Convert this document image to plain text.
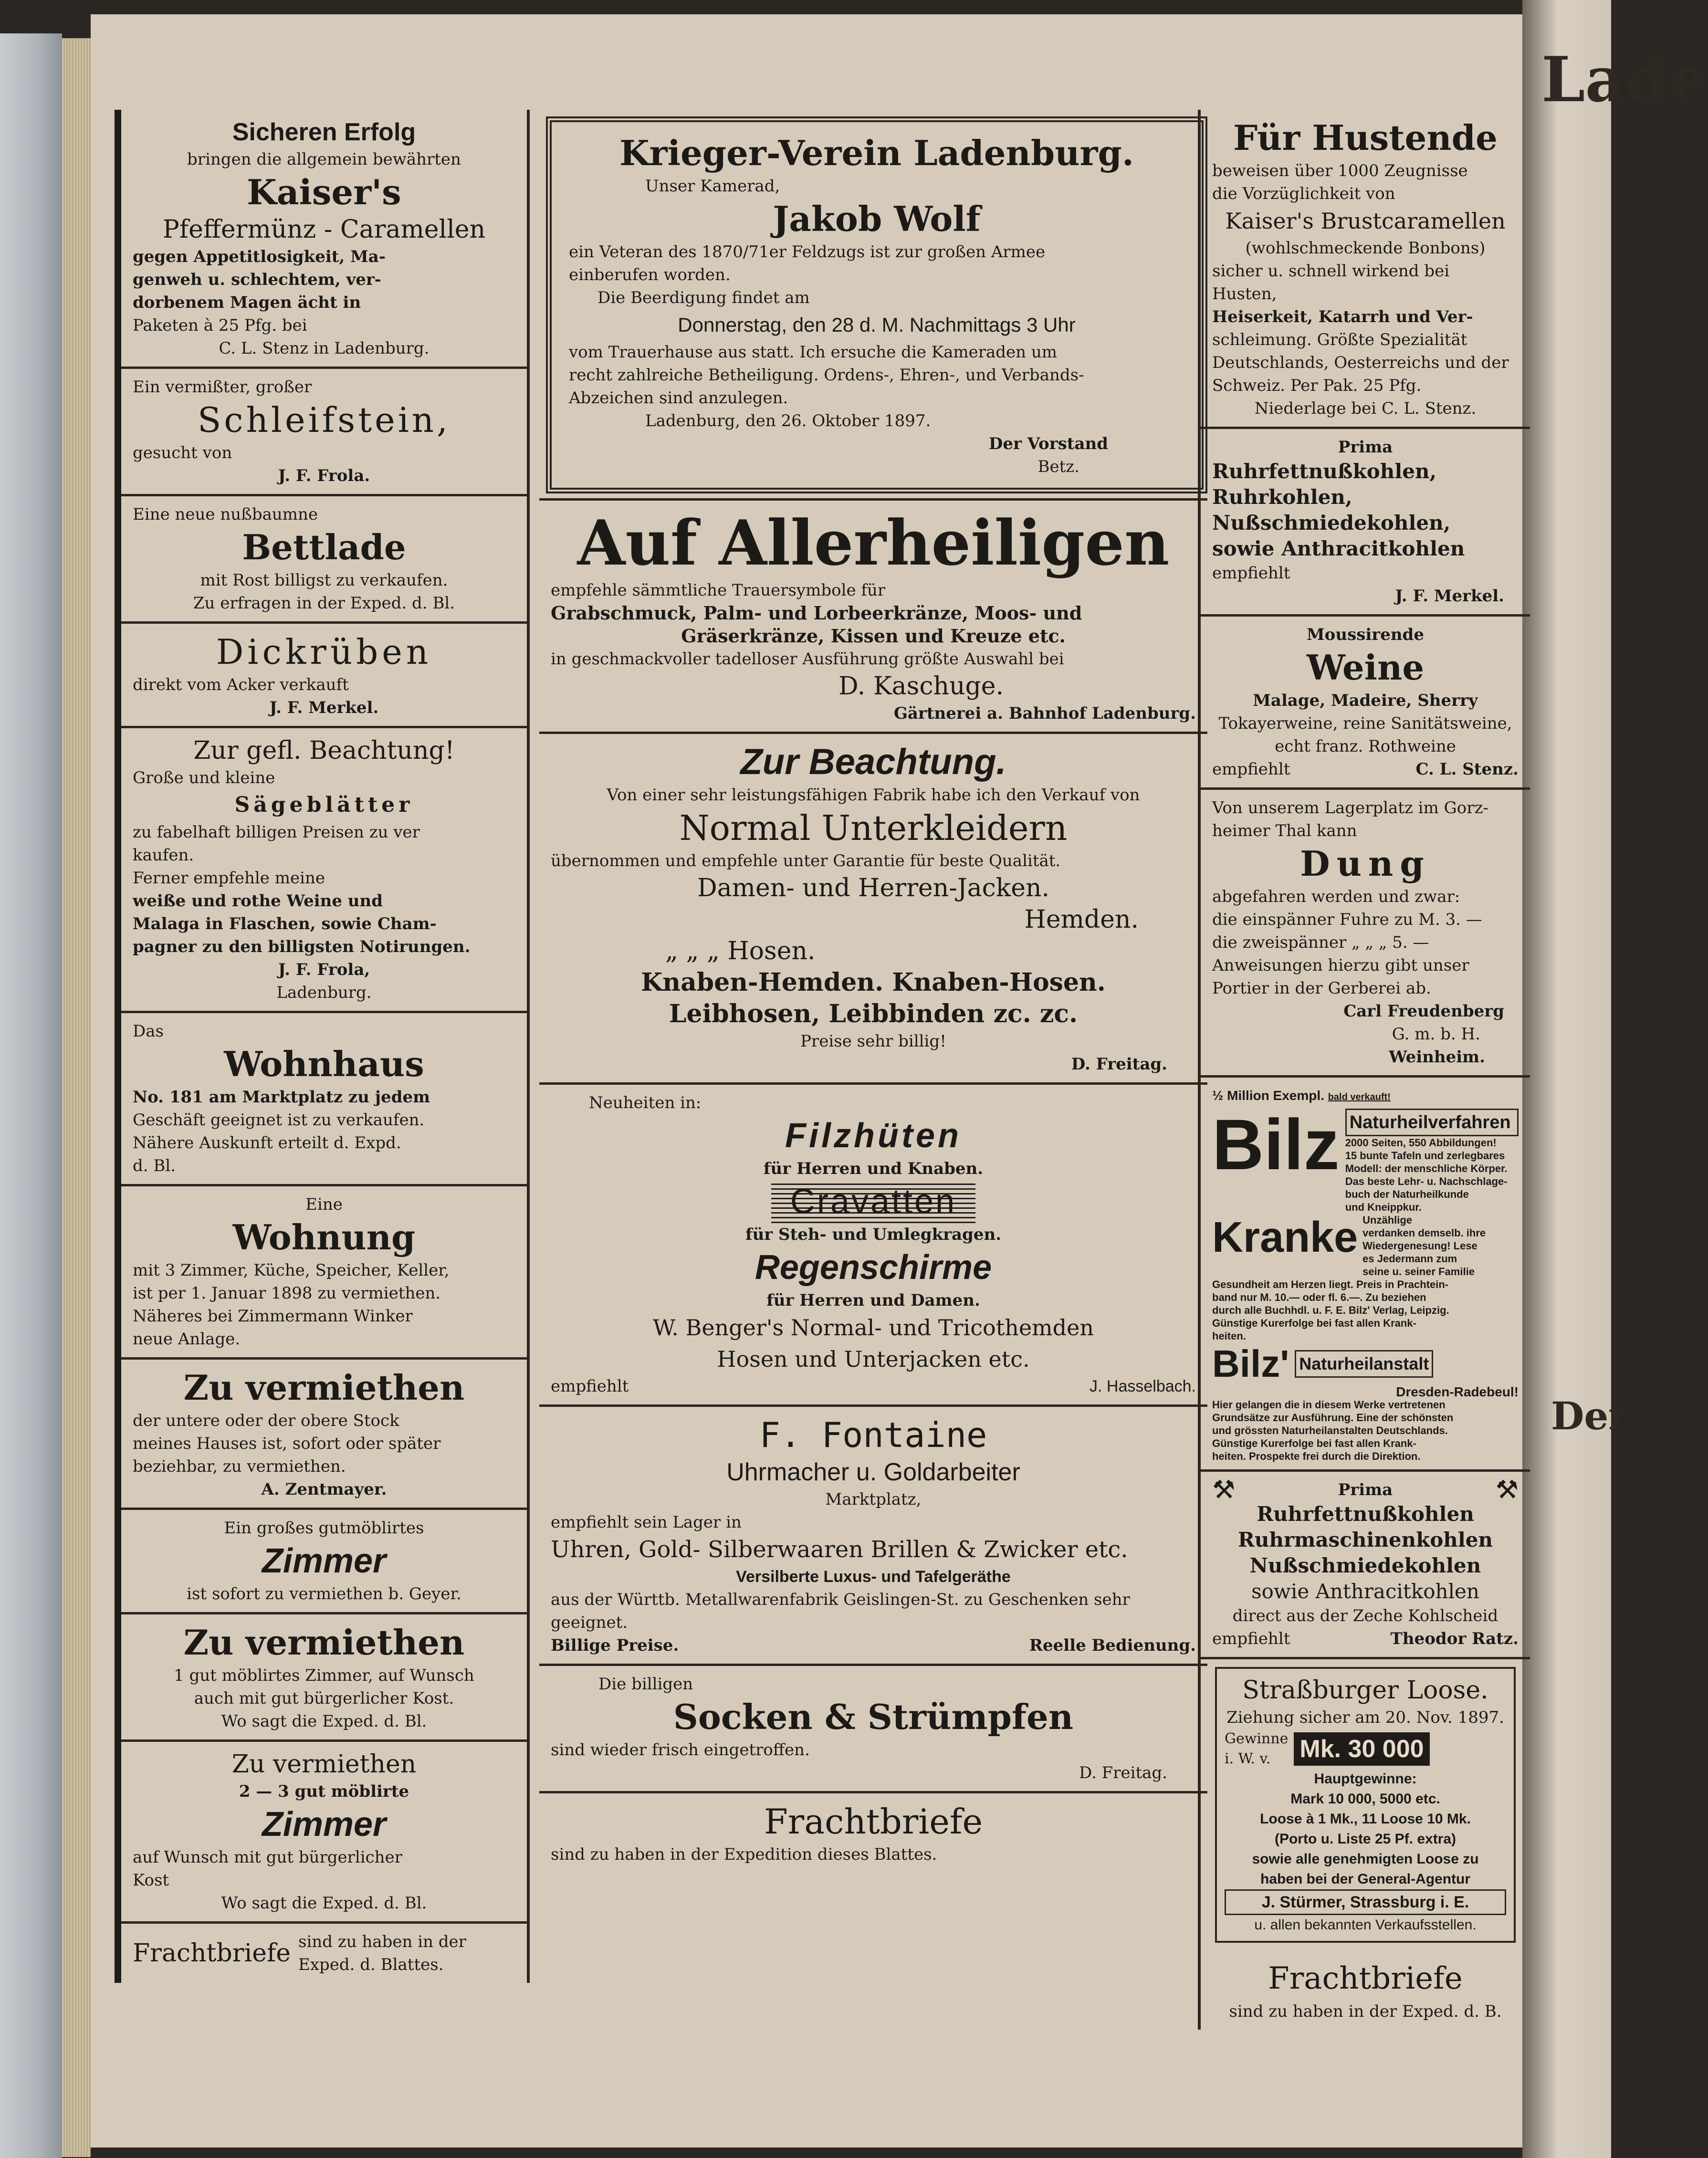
Lade
Der
Sicheren Erfolg
bringen die allgemein bewährten
Kaiser's
Pfeffermünz - Caramellen
gegen Appetitlosigkeit, Ma-
genweh u. schlechtem, ver-
dorbenem Magen ächt in
Paketen à 25 Pfg. bei
C. L. Stenz in Ladenburg.
Ein vermißter, großer
Schleifstein,
gesucht von
J. F. Frola.
Eine neue nußbaumne
Bettlade
mit Rost billigst zu verkaufen.
Zu erfragen in der Exped. d. Bl.
Dickrüben
direkt vom Acker verkauft
J. F. Merkel.
Zur gefl. Beachtung!
Große und kleine
Sägeblätter
zu fabelhaft billigen Preisen zu ver
kaufen.
Ferner empfehle meine
weiße und rothe Weine und
Malaga in Flaschen, sowie Cham-
pagner zu den billigsten Notirungen.
J. F. Frola,
Ladenburg.
Das
Wohnhaus
No. 181 am Marktplatz zu jedem
Geschäft geeignet ist zu verkaufen.
Nähere Auskunft erteilt d. Expd.
d. Bl.
Eine
Wohnung
mit 3 Zimmer, Küche, Speicher, Keller,
ist per 1. Januar 1898 zu vermiethen.
Näheres bei Zimmermann Winker
neue Anlage.
Zu vermiethen
der untere oder der obere Stock
meines Hauses ist, sofort oder später
beziehbar, zu vermiethen.
A. Zentmayer.
Ein großes gutmöblirtes
Zimmer
ist sofort zu vermiethen b. Geyer.
Zu vermiethen
1 gut möblirtes Zimmer, auf Wunsch
auch mit gut bürgerlicher Kost.
Wo sagt die Exped. d. Bl.
Zu vermiethen
2 — 3 gut möblirte
Zimmer
auf Wunsch mit gut bürgerlicher
Kost
Wo sagt die Exped. d. Bl.
Frachtbriefe sind zu haben in der
Exped. d. Blattes.
Krieger-Verein Ladenburg.
Unser Kamerad,
Jakob Wolf
ein Veteran des 1870/71er Feldzugs ist zur großen Armee
einberufen worden.
Die Beerdigung findet am
Donnerstag, den 28 d. M. Nachmittags 3 Uhr
vom Trauerhause aus statt. Ich ersuche die Kameraden um
recht zahlreiche Betheiligung. Ordens-, Ehren-, und Verbands-
Abzeichen sind anzulegen.
Ladenburg, den 26. Oktober 1897.
Der Vorstand
Betz.
Auf Allerheiligen
empfehle sämmtliche Trauersymbole für
Grabschmuck, Palm- und Lorbeerkränze, Moos- und
Gräserkränze, Kissen und Kreuze etc.
in geschmackvoller tadelloser Ausführung größte Auswahl bei
D. Kaschuge.
Gärtnerei a. Bahnhof Ladenburg.
Zur Beachtung.
Von einer sehr leistungsfähigen Fabrik habe ich den Verkauf von
Normal Unterkleidern
übernommen und empfehle unter Garantie für beste Qualität.
Damen- und Herren-Jacken.
Hemden.
„ „ „ Hosen.
Knaben-Hemden. Knaben-Hosen.
Leibhosen, Leibbinden zc. zc.
Preise sehr billig!
D. Freitag.
Neuheiten in:
Filzhüten
für Herren und Knaben.
Cravatten
für Steh- und Umlegkragen.
Regenschirme
für Herren und Damen.
W. Benger's Normal- und Tricothemden
Hosen und Unterjacken etc.
empfiehlt	J. Hasselbach.
F. Fontaine
Uhrmacher u. Goldarbeiter
Marktplatz,
empfiehlt sein Lager in
Uhren, Gold- Silberwaaren Brillen & Zwicker etc.
Versilberte Luxus- und Tafelgeräthe
aus der Württb. Metallwarenfabrik Geislingen-St. zu Geschenken sehr
geeignet.
Billige Preise.	Reelle Bedienung.
Die billigen
Socken & Strümpfen
sind wieder frisch eingetroffen.
D. Freitag.
Frachtbriefe
sind zu haben in der Expedition dieses Blattes.
Für Hustende
beweisen über 1000 Zeugnisse
die Vorzüglichkeit von
Kaiser's Brustcaramellen
(wohlschmeckende Bonbons)
sicher u. schnell wirkend bei Husten,
Heiserkeit, Katarrh und Ver-
schleimung. Größte Spezialität
Deutschlands, Oesterreichs und der
Schweiz. Per Pak. 25 Pfg.
Niederlage bei C. L. Stenz.
Prima
Ruhrfettnußkohlen,
Ruhrkohlen,
Nußschmiedekohlen,
sowie Anthracitkohlen
empfiehlt
J. F. Merkel.
Moussirende
Weine
Malage, Madeire, Sherry
Tokayerweine, reine Sanitätsweine,
echt franz. Rothweine
empfiehlt	C. L. Stenz.
Von unserem Lagerplatz im Gorz-
heimer Thal kann
Dung
abgefahren werden und zwar:
die einspänner Fuhre zu M. 3. —
die zweispänner „ „ „ 5. —
Anweisungen hierzu gibt unser
Portier in der Gerberei ab.
Carl Freudenberg
G. m. b. H.
Weinheim.
½ Million Exempl. bald verkauft!
Bilz Naturheilverfahren
2000 Seiten, 550 Abbildungen!
15 bunte Tafeln und zerlegbares
Modell: der menschliche Körper.
Das beste Lehr- u. Nachschlage-
buch der Naturheilkunde
und Kneippkur.
Kranke Unzählige
verdanken demselb. ihre
Wiedergenesung! Lese
es Jedermann zum
seine u. seiner Familie
Gesundheit am Herzen liegt. Preis in Prachtein-
band nur M. 10.— oder fl. 6.—. Zu beziehen
durch alle Buchhdl. u. F. E. Bilz' Verlag, Leipzig.
Günstige Kurerfolge bei fast allen Krank-
heiten.
Bilz' Naturheilanstalt
Dresden-Radebeul!
Hier gelangen die in diesem Werke vertretenen
Grundsätze zur Ausführung. Eine der schönsten
und grössten Naturheilanstalten Deutschlands.
Günstige Kurerfolge bei fast allen Krank-
heiten. Prospekte frei durch die Direktion.
⚒	Prima	⚒
Ruhrfettnußkohlen
Ruhrmaschinenkohlen
Nußschmiedekohlen
sowie Anthracitkohlen
direct aus der Zeche Kohlscheid
empfiehlt	Theodor Ratz.
Straßburger Loose.
Ziehung sicher am 20. Nov. 1897.
Gewinne
i. W. v.	Mk. 30 000
Hauptgewinne:
Mark 10 000, 5000 etc.
Loose à 1 Mk., 11 Loose 10 Mk.
(Porto u. Liste 25 Pf. extra)
sowie alle genehmigten Loose zu
haben bei der General-Agentur
J. Stürmer, Strassburg i. E.
u. allen bekannten Verkaufsstellen.
Frachtbriefe
sind zu haben in der Exped. d. B.
